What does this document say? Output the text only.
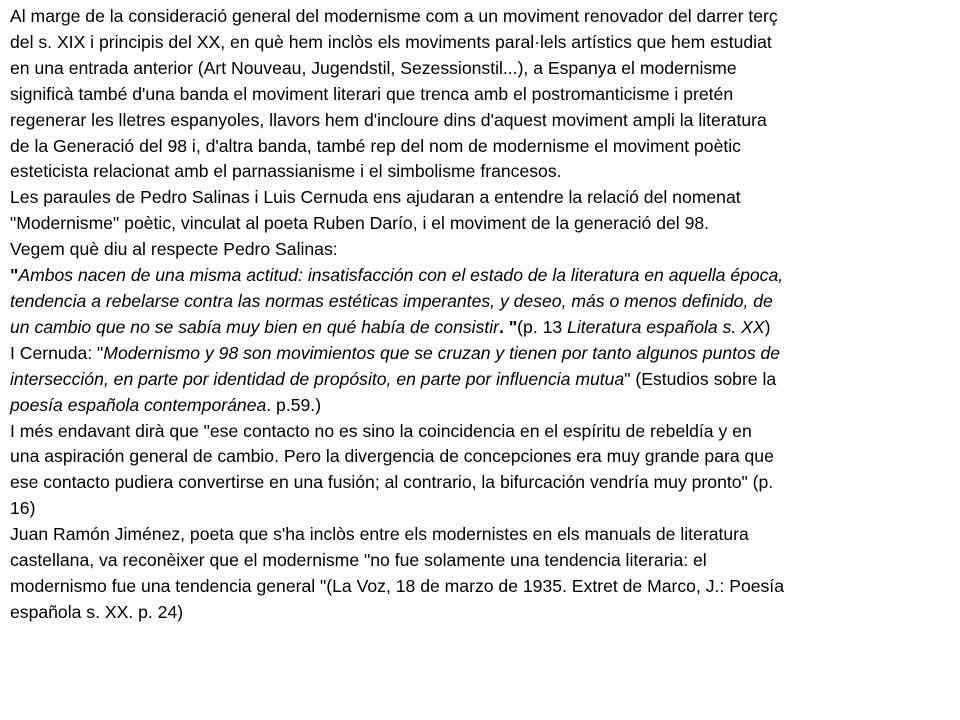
Al marge de la consideració general del modernisme com a un moviment renovador del darrer terç
del s. XIX i principis del XX, en què hem inclòs els moviments paral·lels artístics que hem estudiat
en una entrada anterior (Art Nouveau, Jugendstil, Sezessionstil...), a Espanya el modernisme
significà també d'una banda el moviment literari que trenca amb el postromanticisme i pretén
regenerar les lletres espanyoles, llavors hem d'incloure dins d'aquest moviment ampli la literatura
de la Generació del 98 i, d'altra banda, també rep del nom de modernisme el moviment poètic
esteticista relacionat amb el parnassianisme i el simbolisme francesos.
Les paraules de Pedro Salinas i Luis Cernuda ens ajudaran a entendre la relació del nomenat
"Modernisme" poètic, vinculat al poeta Ruben Darío, i el moviment de la generació del 98.
Vegem què diu al respecte Pedro Salinas:
"Ambos nacen de una misma actitud: insatisfacción con el estado de la literatura en aquella época,
tendencia a rebelarse contra las normas estéticas imperantes, y deseo, más o menos definido, de
un cambio que no se sabía muy bien en qué había de consistir. "(p. 13 Literatura española s. XX)
I Cernuda: "Modernismo y 98 son movimientos que se cruzan y tienen por tanto algunos puntos de
intersección, en parte por identidad de propósito, en parte por influencia mutua" (Estudios sobre la
poesía española contemporánea. p.59.)
I més endavant dirà que "ese contacto no es sino la coincidencia en el espíritu de rebeldía y en
una aspiración general de cambio. Pero la divergencia de concepciones era muy grande para que
ese contacto pudiera convertirse en una fusión; al contrario, la bifurcación vendría muy pronto" (p.
16)
Juan Ramón Jiménez, poeta que s'ha inclòs entre els modernistes en els manuals de literatura
castellana, va reconèixer que el modernisme "no fue solamente una tendencia literaria: el
modernismo fue una tendencia general "(La Voz, 18 de marzo de 1935. Extret de Marco, J.: Poesía
española s. XX. p. 24)
